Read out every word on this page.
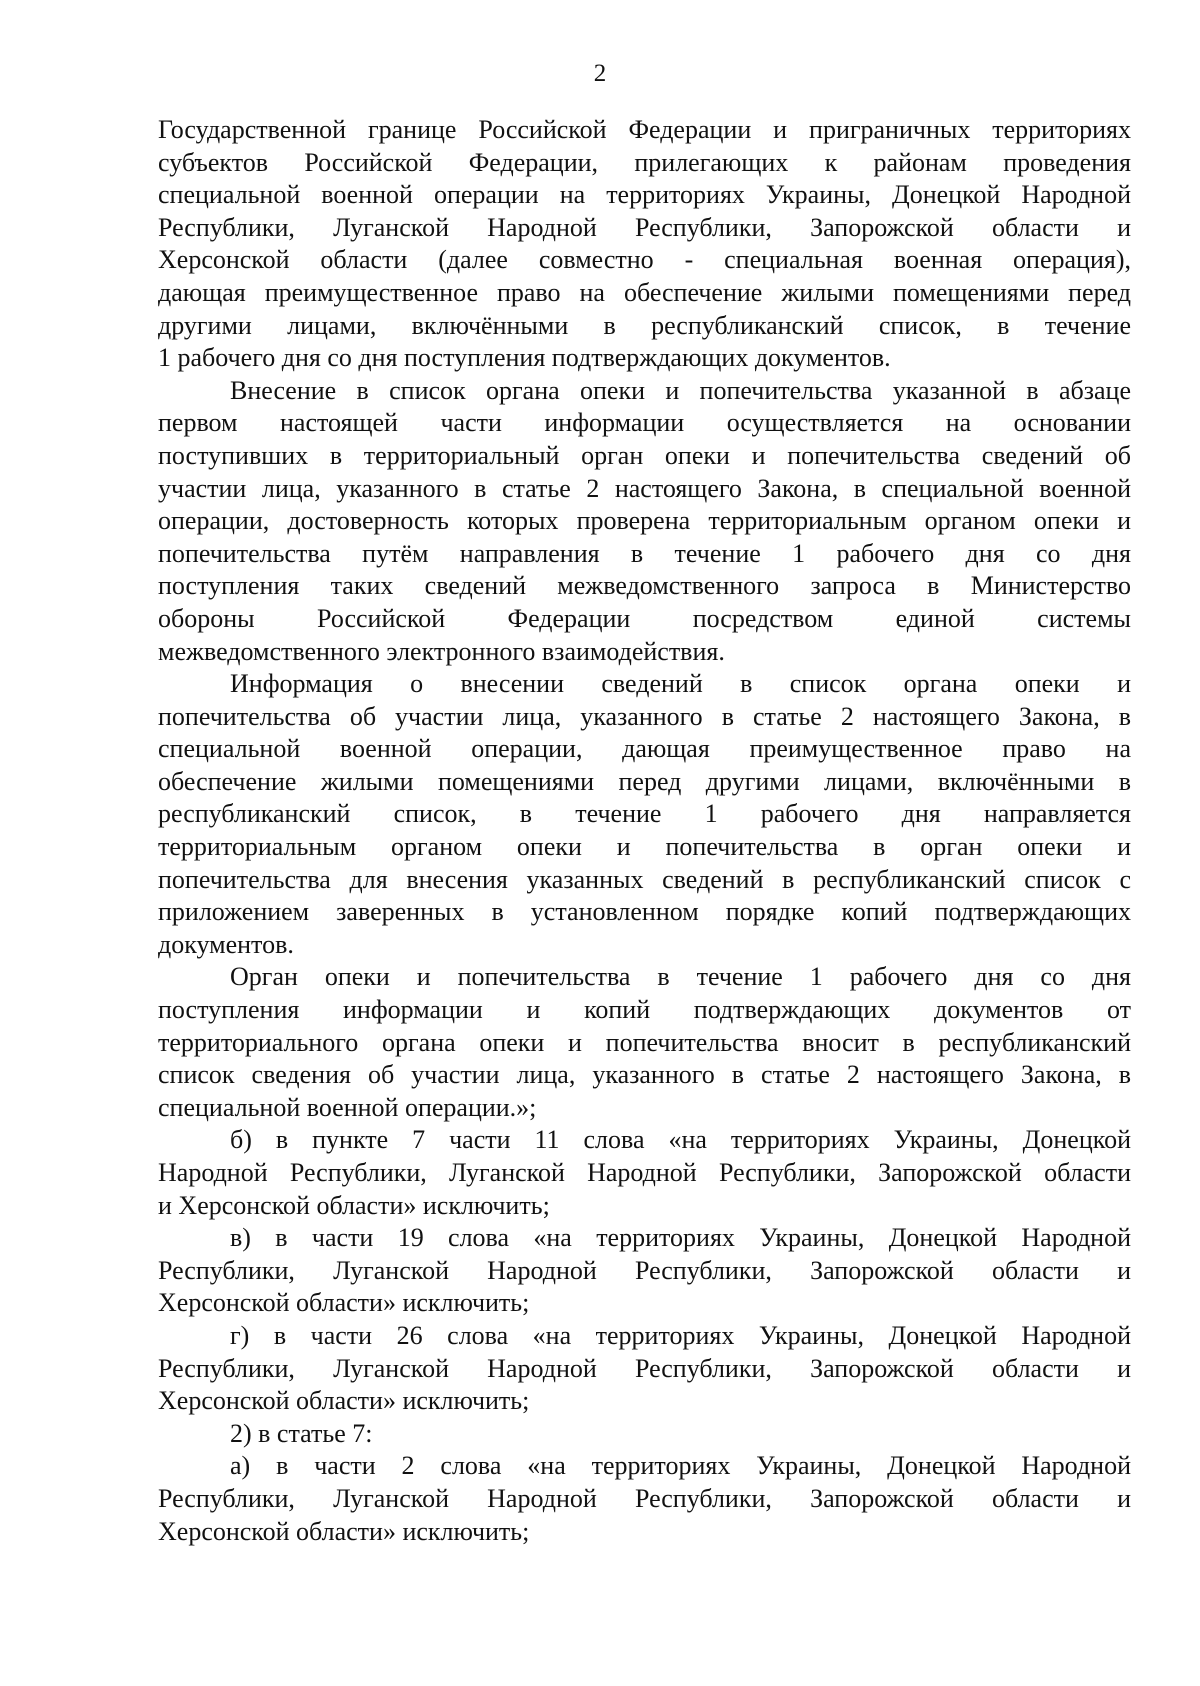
2
Государственной границе Российской Федерации и приграничных территориях
субъектов Российской Федерации, прилегающих к районам проведения
специальной военной операции на территориях Украины, Донецкой Народной
Республики, Луганской Народной Республики, Запорожской области и
Херсонской области (далее совместно - специальная военная операция),
дающая преимущественное право на обеспечение жилыми помещениями перед
другими лицами, включёнными в республиканский список, в течение
1 рабочего дня со дня поступления подтверждающих документов.
Внесение в список органа опеки и попечительства указанной в абзаце
первом настоящей части информации осуществляется на основании
поступивших в территориальный орган опеки и попечительства сведений об
участии лица, указанного в статье 2 настоящего Закона, в специальной военной
операции, достоверность которых проверена территориальным органом опеки и
попечительства путём направления в течение 1 рабочего дня со дня
поступления таких сведений межведомственного запроса в Министерство
обороны Российской Федерации посредством единой системы
межведомственного электронного взаимодействия.
Информация о внесении сведений в список органа опеки и
попечительства об участии лица, указанного в статье 2 настоящего Закона, в
специальной военной операции, дающая преимущественное право на
обеспечение жилыми помещениями перед другими лицами, включёнными в
республиканский список, в течение 1 рабочего дня направляется
территориальным органом опеки и попечительства в орган опеки и
попечительства для внесения указанных сведений в республиканский список с
приложением заверенных в установленном порядке копий подтверждающих
документов.
Орган опеки и попечительства в течение 1 рабочего дня со дня
поступления информации и копий подтверждающих документов от
территориального органа опеки и попечительства вносит в республиканский
список сведения об участии лица, указанного в статье 2 настоящего Закона, в
специальной военной операции.»;
б) в пункте 7 части 11 слова «на территориях Украины, Донецкой
Народной Республики, Луганской Народной Республики, Запорожской области
и Херсонской области» исключить;
в) в части 19 слова «на территориях Украины, Донецкой Народной
Республики, Луганской Народной Республики, Запорожской области и
Херсонской области» исключить;
г) в части 26 слова «на территориях Украины, Донецкой Народной
Республики, Луганской Народной Республики, Запорожской области и
Херсонской области» исключить;
2) в статье 7:
а) в части 2 слова «на территориях Украины, Донецкой Народной
Республики, Луганской Народной Республики, Запорожской области и
Херсонской области» исключить;
